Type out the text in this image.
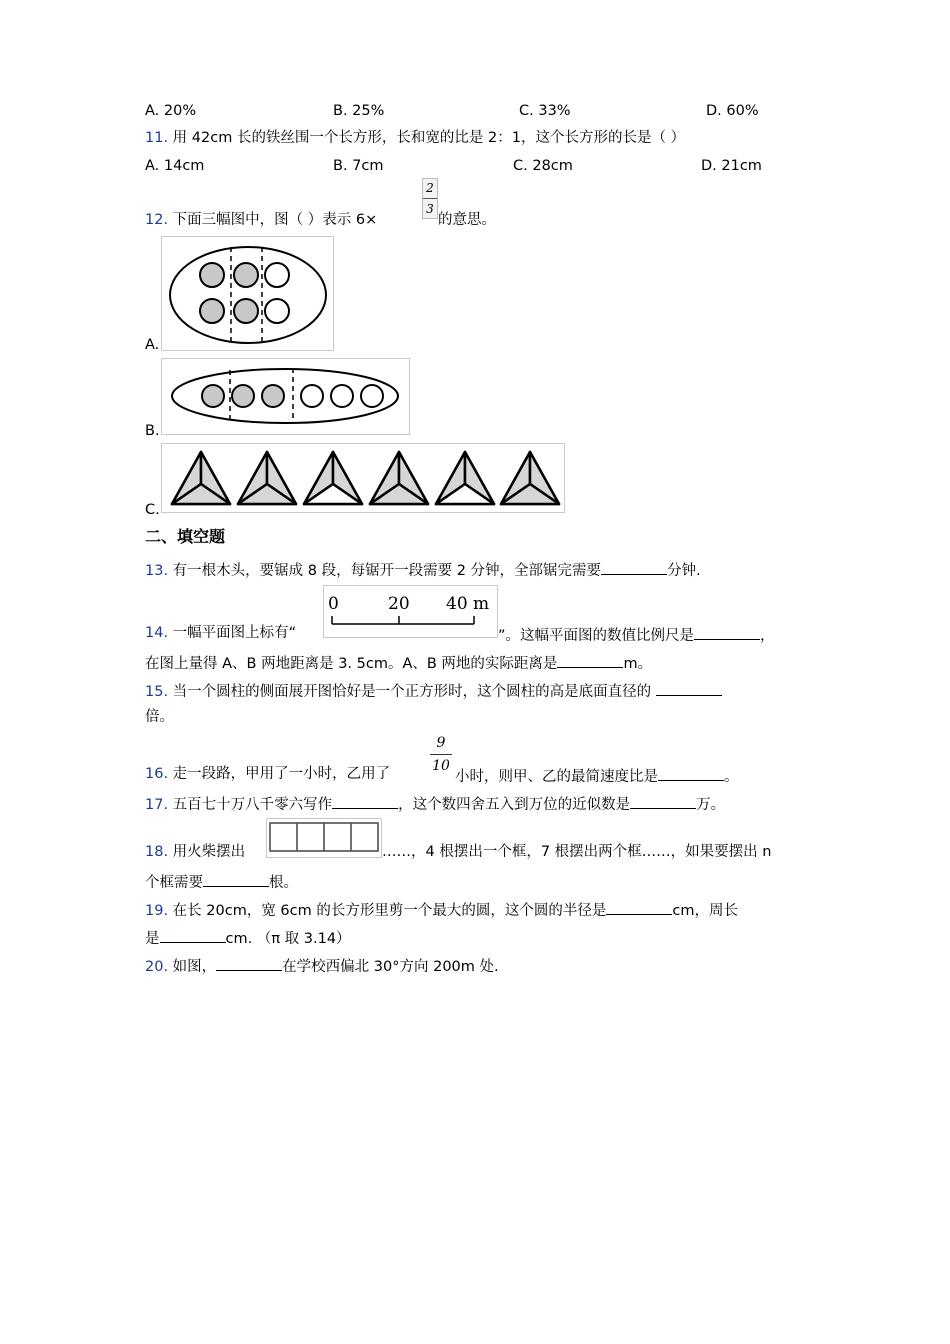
A. 20%	B. 25%	C. 33%	D. 60%
11. 用 42cm 长的铁丝围一个长方形，长和宽的比是 2：1，这个长方形的长是（ ）
A. 14cm	B. 7cm	C. 28cm	D. 21cm
12. 下面三幅图中，图（ ）表示 6×
$\frac{2}{3}$
的意思。
A.
B.
C.
二、填空题
13. 有一根木头，要锯成 8 段，每锯开一段需要 2 分钟，全部锯完需要	分钟.
14. 一幅平面图上标有“
0	20 40 m
”。这幅平面图的数值比例尺是	，
在图上量得 A、B 两地距离是 3. 5cm。A、B 两地的实际距离是	m。
15. 当一个圆柱的侧面展开图恰好是一个正方形时，这个圆柱的高是底面直径的
倍。
16. 走一段路，甲用了一小时，乙用了	$\frac{9}{10}$
小时，则甲、乙的最简速度比是	。
17. 五百七十万八千零六写作	，这个数四舍五入到万位的近似数是	万。
18. 用火柴摆出	……，4 根摆出一个框，7 根摆出两个框……，如果要摆出 n
个框需要	根。
19. 在长 20cm，宽 6cm 的长方形里剪一个最大的圆，这个圆的半径是	cm，周长
是	cm. （π 取 3.14）
20. 如图，	在学校西偏北 30°方向 200m 处.
